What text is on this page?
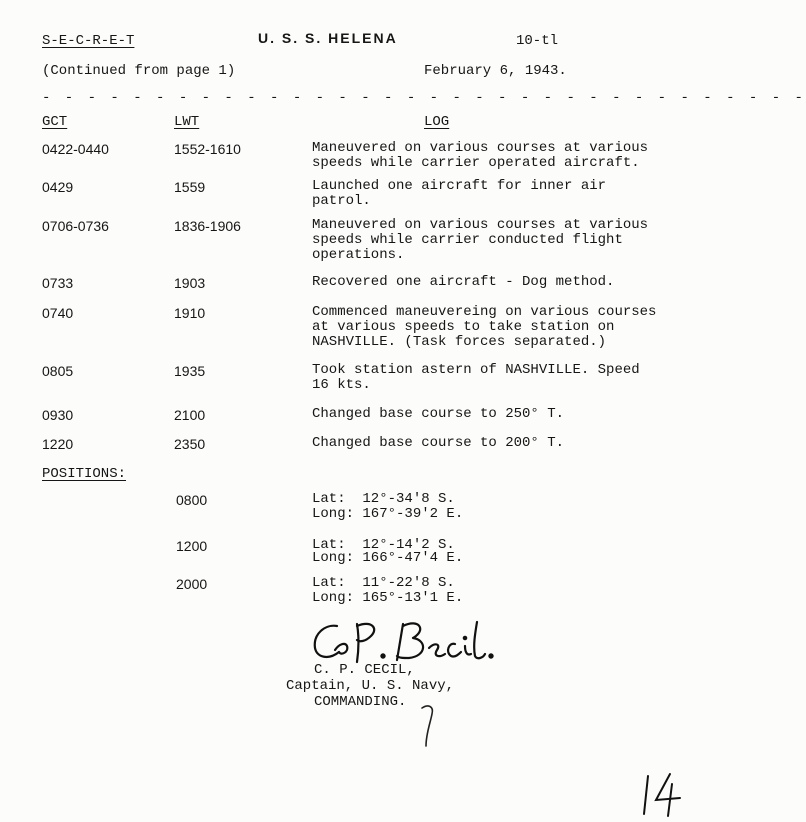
S-E-C-R-E-T	U. S. S. HELENA	10-tl
(Continued from page 1)	February 6, 1943.
- - - - - - - - - - - - - - - - - - - - - - - - - - - - - - - - - -
GCT	LWT	LOG
0422-0440	1552-1610	Maneuvered on various courses at various
speeds while carrier operated aircraft.
0429	1559	Launched one aircraft for inner air
patrol.
0706-0736	1836-1906	Maneuvered on various courses at various
speeds while carrier conducted flight
operations.
0733	1903	Recovered one aircraft - Dog method.
0740	1910	Commenced maneuvereing on various courses
at various speeds to take station on
NASHVILLE. (Task forces separated.)
0805	1935	Took station astern of NASHVILLE. Speed
16 kts.
0930	2100	Changed base course to 250° T.
1220	2350	Changed base course to 200° T.
POSITIONS:
0800	Lat:  12°-34'8 S.
Long: 167°-39'2 E.
1200	Lat:  12°-14'2 S.
Long: 166°-47'4 E.
2000	Lat:  11°-22'8 S.
Long: 165°-13'1 E.
C. P. CECIL,
Captain, U. S. Navy,
COMMANDING.
